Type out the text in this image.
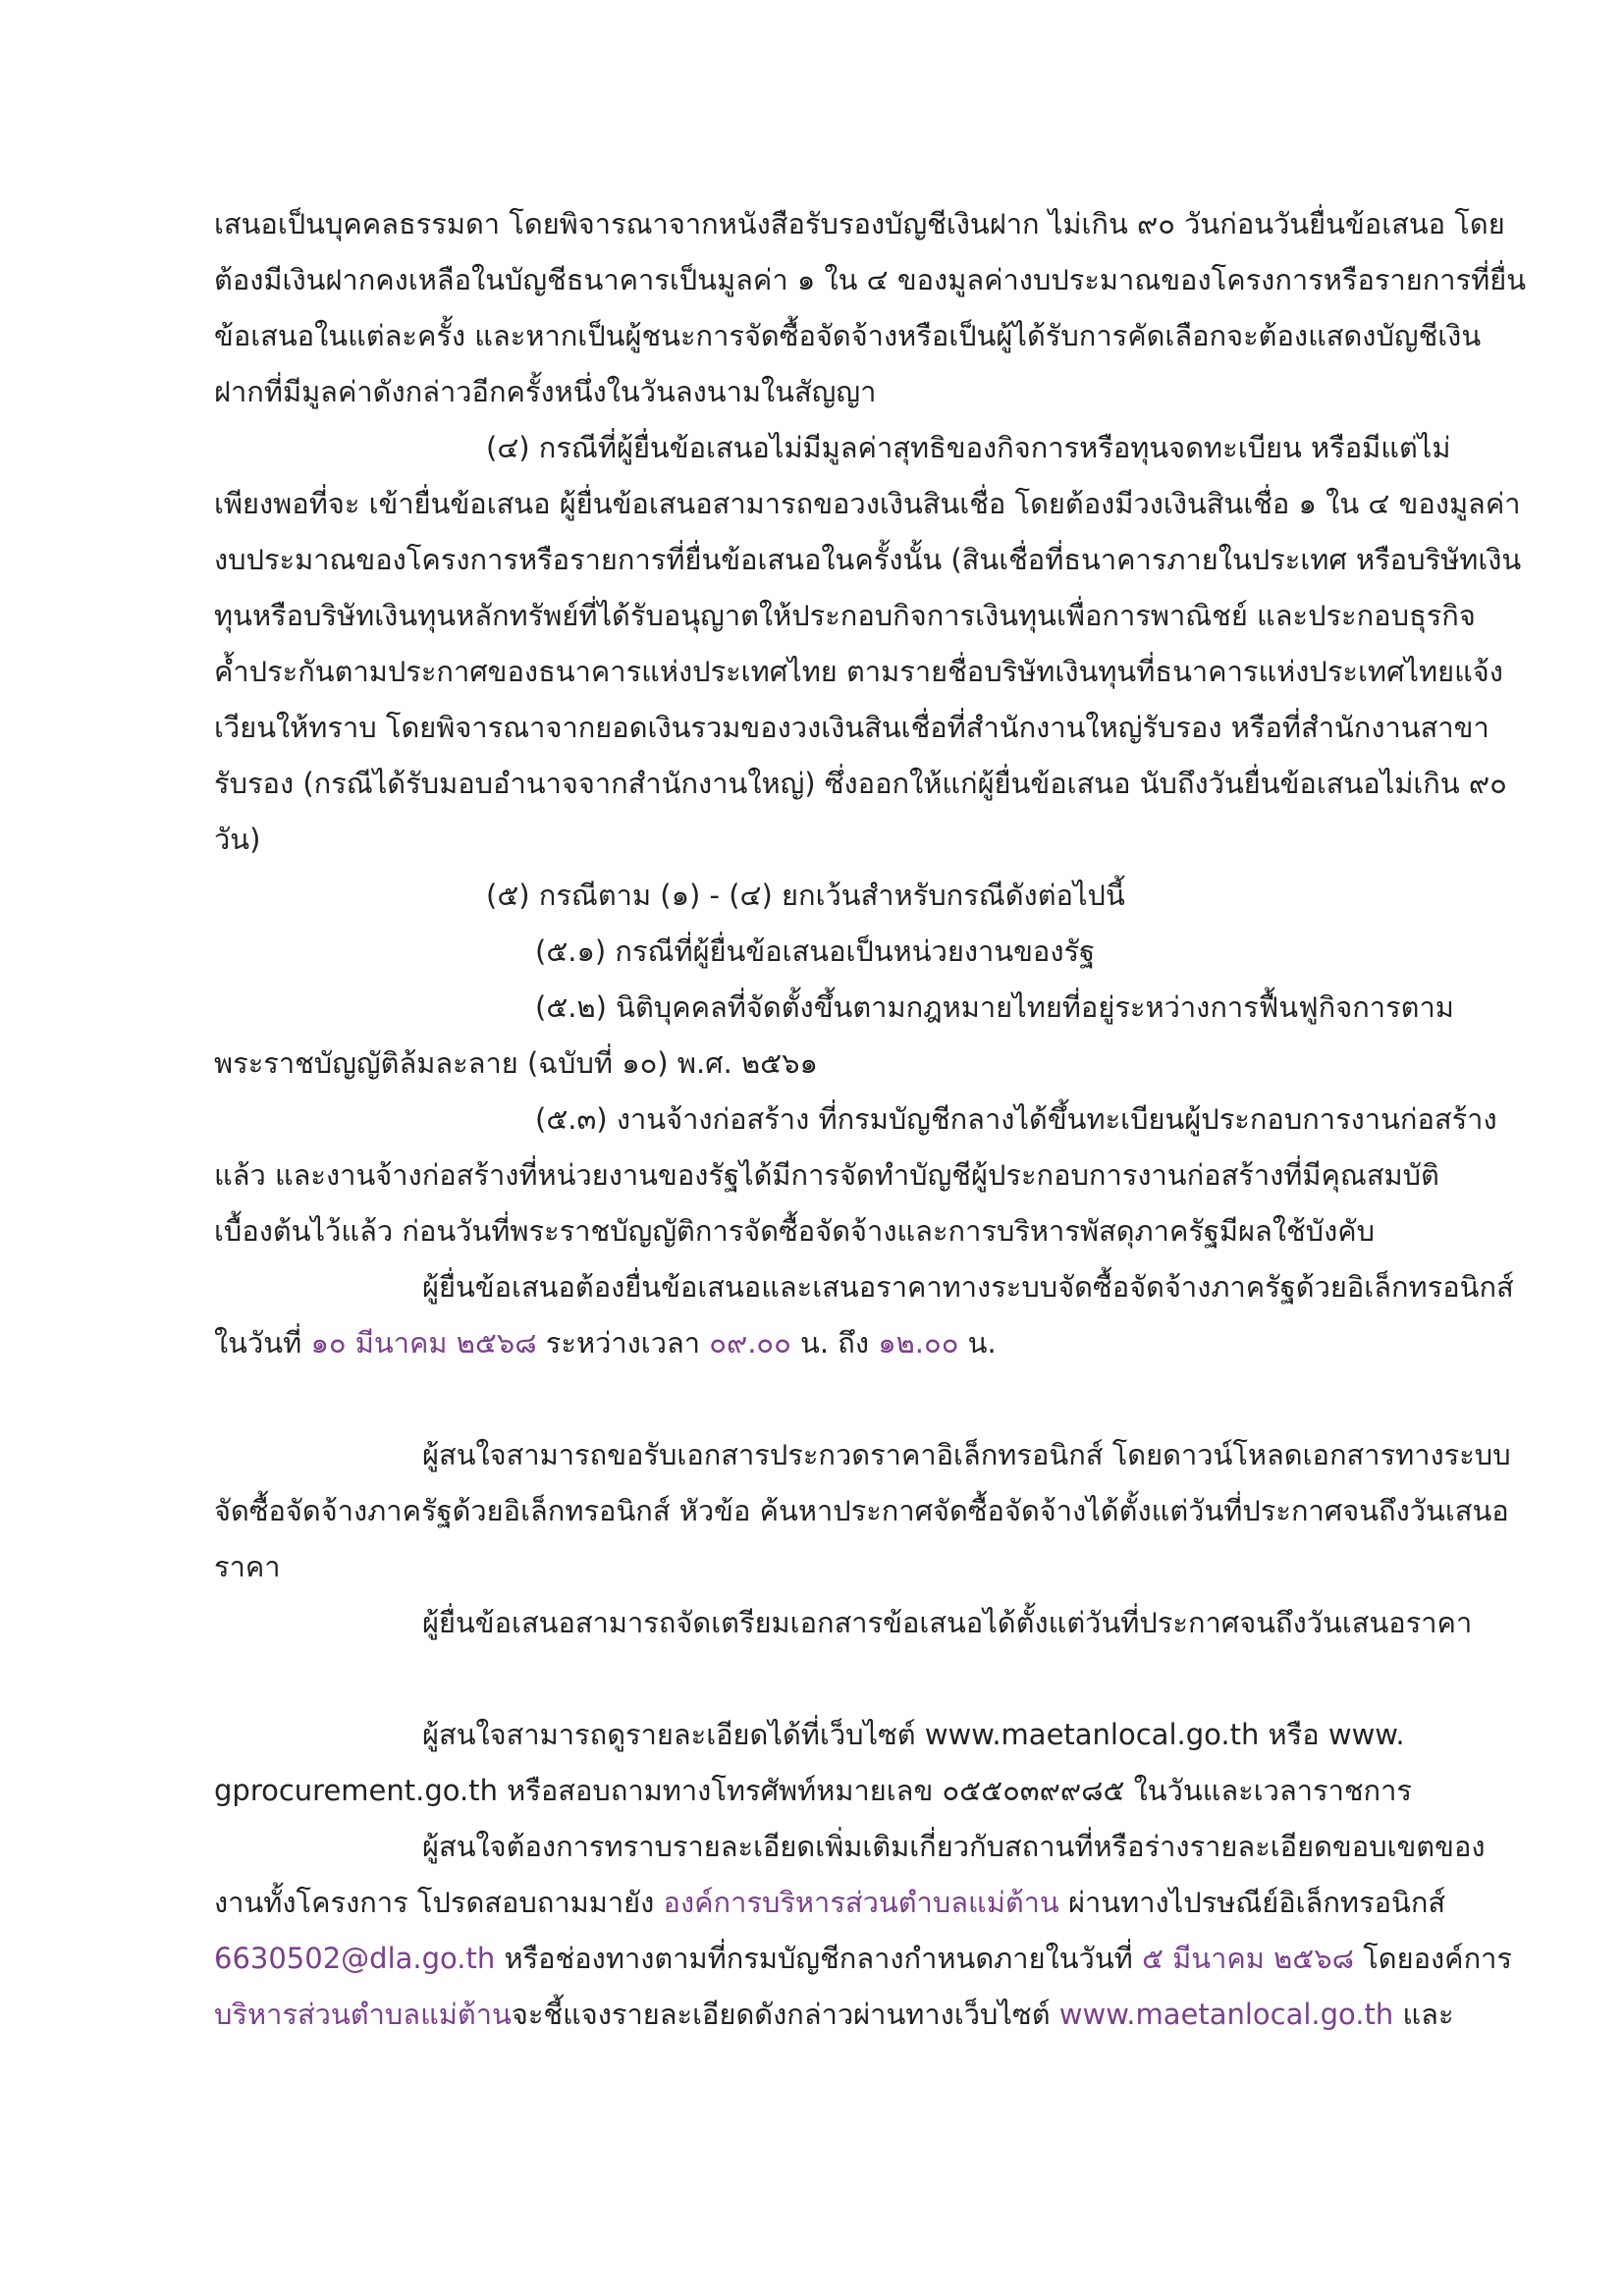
เสนอเป็นบุคคลธรรมดา โดยพิจารณาจากหนังสือรับรองบัญชีเงินฝาก ไม่เกิน ๙๐ วันก่อนวันยื่นข้อเสนอ โดย

ต้องมีเงินฝากคงเหลือในบัญชีธนาคารเป็นมูลค่า ๑ ใน ๔ ของมูลค่างบประมาณของโครงการหรือรายการที่ยื่น

ข้อเสนอในแต่ละครั้ง และหากเป็นผู้ชนะการจัดซื้อจัดจ้างหรือเป็นผู้ได้รับการคัดเลือกจะต้องแสดงบัญชีเงิน

ฝากที่มีมูลค่าดังกล่าวอีกครั้งหนึ่งในวันลงนามในสัญญา

(๔) กรณีที่ผู้ยื่นข้อเสนอไม่มีมูลค่าสุทธิของกิจการหรือทุนจดทะเบียน หรือมีแต่ไม่

เพียงพอที่จะ เข้ายื่นข้อเสนอ ผู้ยื่นข้อเสนอสามารถขอวงเงินสินเชื่อ โดยต้องมีวงเงินสินเชื่อ ๑ ใน ๔ ของมูลค่า

งบประมาณของโครงการหรือรายการที่ยื่นข้อเสนอในครั้งนั้น (สินเชื่อที่ธนาคารภายในประเทศ หรือบริษัทเงิน

ทุนหรือบริษัทเงินทุนหลักทรัพย์ที่ได้รับอนุญาตให้ประกอบกิจการเงินทุนเพื่อการพาณิชย์ และประกอบธุรกิจ

ค้ำประกันตามประกาศของธนาคารแห่งประเทศไทย ตามรายชื่อบริษัทเงินทุนที่ธนาคารแห่งประเทศไทยแจ้ง

เวียนให้ทราบ โดยพิจารณาจากยอดเงินรวมของวงเงินสินเชื่อที่สำนักงานใหญ่รับรอง หรือที่สำนักงานสาขา

รับรอง (กรณีได้รับมอบอำนาจจากสำนักงานใหญ่) ซึ่งออกให้แก่ผู้ยื่นข้อเสนอ นับถึงวันยื่นข้อเสนอไม่เกิน ๙๐

วัน)

(๕) กรณีตาม (๑) - (๔) ยกเว้นสำหรับกรณีดังต่อไปนี้

(๕.๑) กรณีที่ผู้ยื่นข้อเสนอเป็นหน่วยงานของรัฐ

(๕.๒) นิติบุคคลที่จัดตั้งขึ้นตามกฎหมายไทยที่อยู่ระหว่างการฟื้นฟูกิจการตาม

พระราชบัญญัติล้มละลาย (ฉบับที่ ๑๐) พ.ศ. ๒๕๖๑

(๕.๓) งานจ้างก่อสร้าง ที่กรมบัญชีกลางได้ขึ้นทะเบียนผู้ประกอบการงานก่อสร้าง

แล้ว และงานจ้างก่อสร้างที่หน่วยงานของรัฐได้มีการจัดทำบัญชีผู้ประกอบการงานก่อสร้างที่มีคุณสมบัติ

เบื้องต้นไว้แล้ว ก่อนวันที่พระราชบัญญัติการจัดซื้อจัดจ้างและการบริหารพัสดุภาครัฐมีผลใช้บังคับ

ผู้ยื่นข้อเสนอต้องยื่นข้อเสนอและเสนอราคาทางระบบจัดซื้อจัดจ้างภาครัฐด้วยอิเล็กทรอนิกส์

ในวันที่ ๑๐ มีนาคม ๒๕๖๘ ระหว่างเวลา ๐๙.๐๐ น. ถึง ๑๒.๐๐ น.

ผู้สนใจสามารถขอรับเอกสารประกวดราคาอิเล็กทรอนิกส์ โดยดาวน์โหลดเอกสารทางระบบ

จัดซื้อจัดจ้างภาครัฐด้วยอิเล็กทรอนิกส์ หัวข้อ ค้นหาประกาศจัดซื้อจัดจ้างได้ตั้งแต่วันที่ประกาศจนถึงวันเสนอ

ราคา

ผู้ยื่นข้อเสนอสามารถจัดเตรียมเอกสารข้อเสนอได้ตั้งแต่วันที่ประกาศจนถึงวันเสนอราคา

ผู้สนใจสามารถดูรายละเอียดได้ที่เว็บไซต์ www.maetanlocal.go.th หรือ www.

gprocurement.go.th หรือสอบถามทางโทรศัพท์หมายเลข ๐๕๕๐๓๙๙๘๕ ในวันและเวลาราชการ

ผู้สนใจต้องการทราบรายละเอียดเพิ่มเติมเกี่ยวกับสถานที่หรือร่างรายละเอียดขอบเขตของ

งานทั้งโครงการ โปรดสอบถามมายัง องค์การบริหารส่วนตำบลแม่ต้าน ผ่านทางไปรษณีย์อิเล็กทรอนิกส์

6630502@dla.go.th หรือช่องทางตามที่กรมบัญชีกลางกำหนดภายในวันที่ ๕ มีนาคม ๒๕๖๘ โดยองค์การ

บริหารส่วนตำบลแม่ต้านจะชี้แจงรายละเอียดดังกล่าวผ่านทางเว็บไซต์ www.maetanlocal.go.th และ
